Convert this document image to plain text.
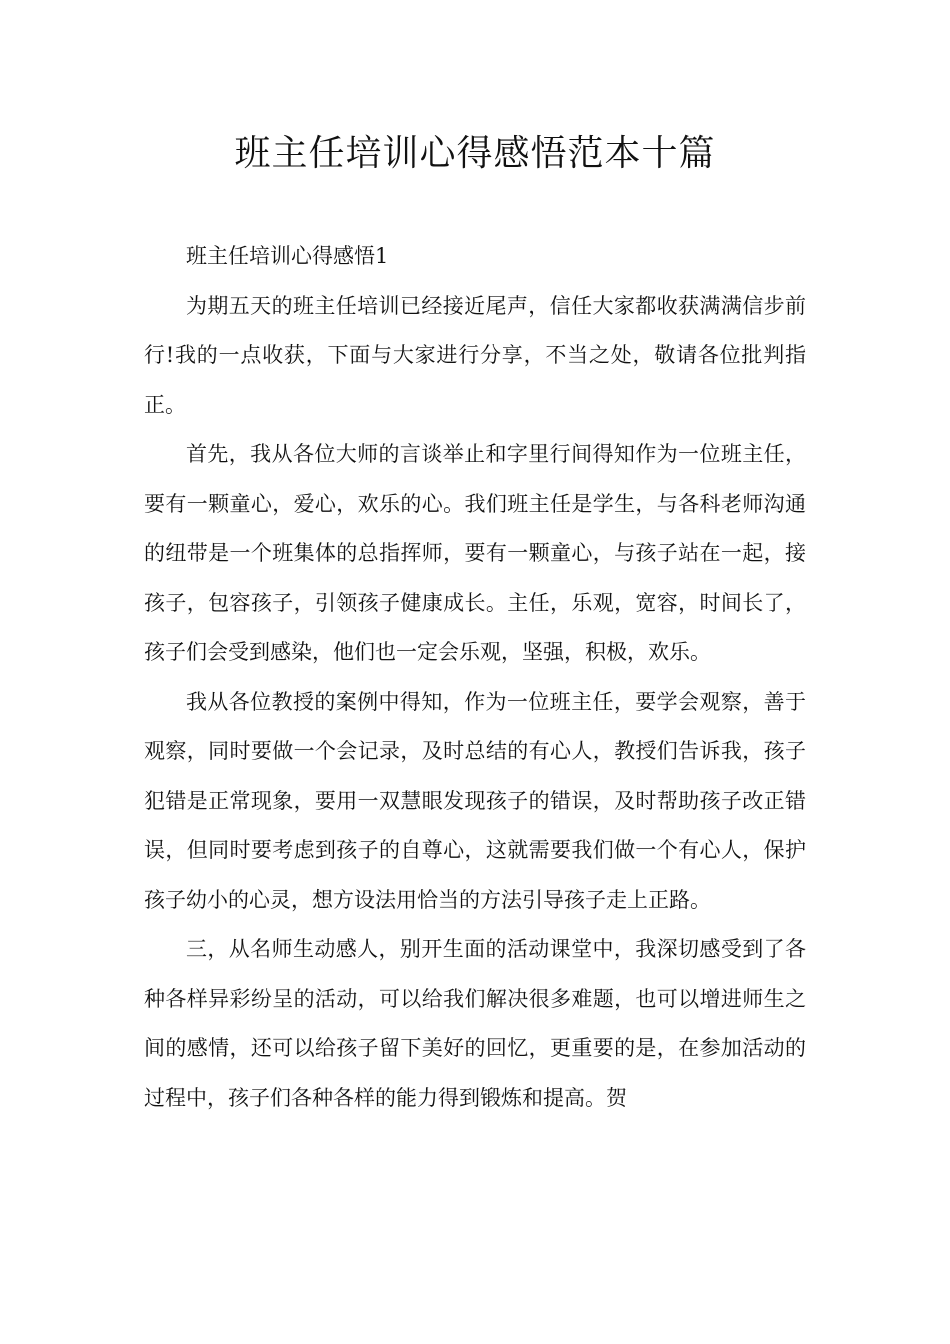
班主任培训心得感悟范本十篇

班主任培训心得感悟1

为期五天的班主任培训已经接近尾声，信任大家都收获满满信步前行!我的一点收获，下面与大家进行分享，不当之处，敬请各位批判指正。

首先，我从各位大师的言谈举止和字里行间得知作为一位班主任，要有一颗童心，爱心，欢乐的心。我们班主任是学生，与各科老师沟通的纽带是一个班集体的总指挥师，要有一颗童心，与孩子站在一起，接孩子，包容孩子，引领孩子健康成长。主任，乐观，宽容，时间长了，孩子们会受到感染，他们也一定会乐观，坚强，积极，欢乐。

我从各位教授的案例中得知，作为一位班主任，要学会观察，善于观察，同时要做一个会记录，及时总结的有心人，教授们告诉我，孩子犯错是正常现象，要用一双慧眼发现孩子的错误，及时帮助孩子改正错误，但同时要考虑到孩子的自尊心，这就需要我们做一个有心人，保护孩子幼小的心灵，想方设法用恰当的方法引导孩子走上正路。

三，从名师生动感人，别开生面的活动课堂中，我深切感受到了各种各样异彩纷呈的活动，可以给我们解决很多难题，也可以增进师生之间的感情，还可以给孩子留下美好的回忆，更重要的是，在参加活动的过程中，孩子们各种各样的能力得到锻炼和提高。贺
